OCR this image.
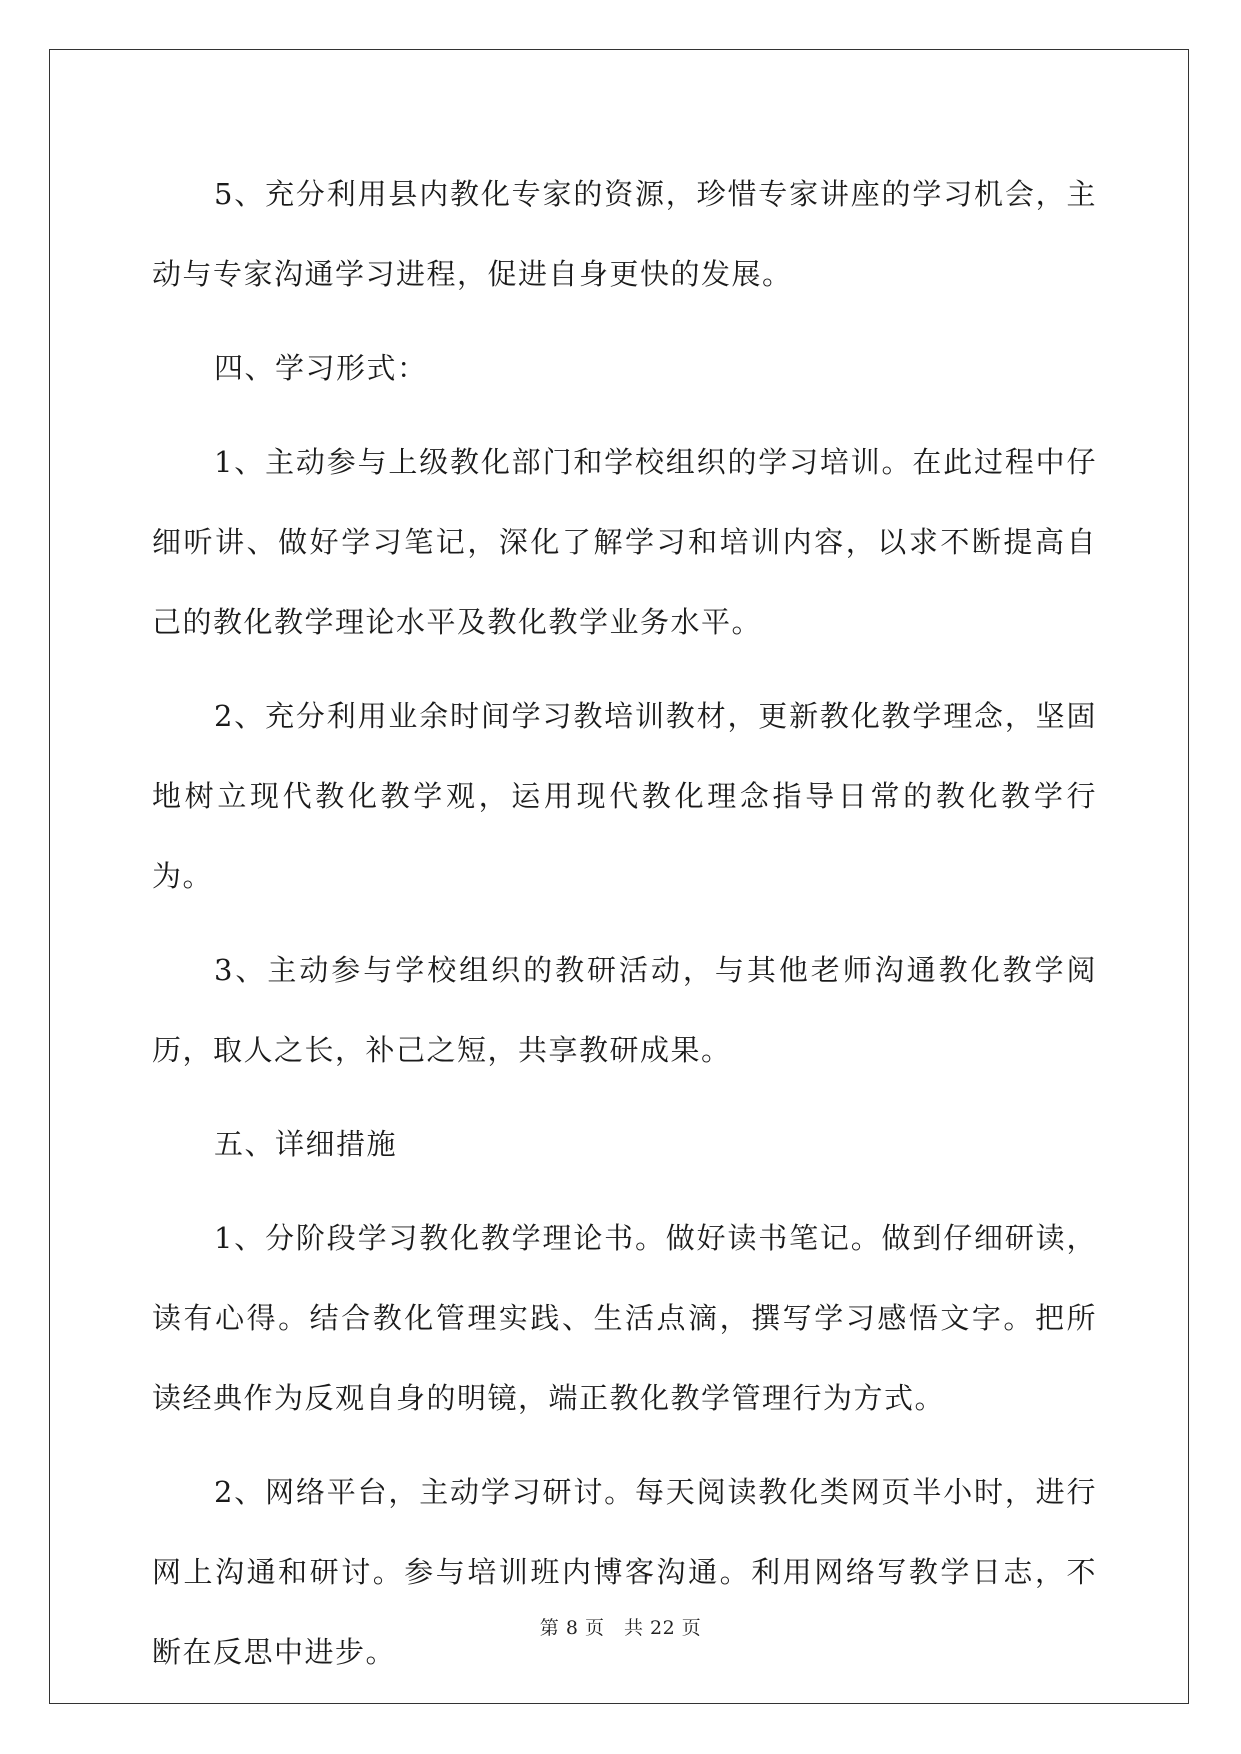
5、充分利用县内教化专家的资源，珍惜专家讲座的学习机会，主动与专家沟通学习进程，促进自身更快的发展。

四、学习形式：

1、主动参与上级教化部门和学校组织的学习培训。在此过程中仔细听讲、做好学习笔记，深化了解学习和培训内容，以求不断提高自己的教化教学理论水平及教化教学业务水平。

2、充分利用业余时间学习教培训教材，更新教化教学理念，坚固地树立现代教化教学观，运用现代教化理念指导日常的教化教学行为。

3、主动参与学校组织的教研活动，与其他老师沟通教化教学阅历，取人之长，补己之短，共享教研成果。

五、详细措施

1、分阶段学习教化教学理论书。做好读书笔记。做到仔细研读，读有心得。结合教化管理实践、生活点滴，撰写学习感悟文字。把所读经典作为反观自身的明镜，端正教化教学管理行为方式。

2、网络平台，主动学习研讨。每天阅读教化类网页半小时，进行网上沟通和研讨。参与培训班内博客沟通。利用网络写教学日志，不断在反思中进步。

第 8 页　共 22 页
